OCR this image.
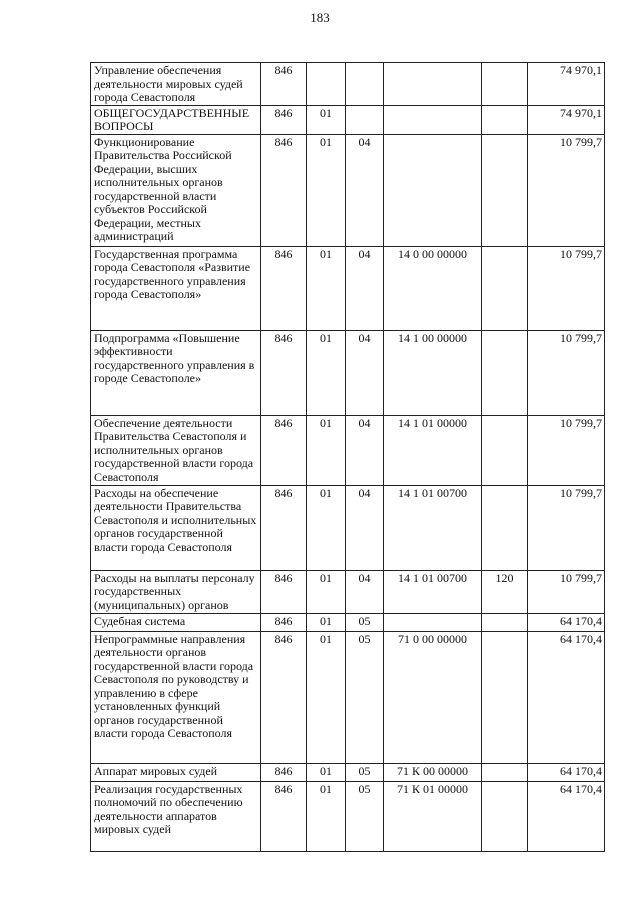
183
Управление обеспечения деятельности мировых судей города Севастополя	846					74 970,1
ОБЩЕГОСУДАРСТВЕННЫЕ ВОПРОСЫ	846	01				74 970,1
Функционирование Правительства Российской Федерации, высших исполнительных органов государственной власти субъектов Российской Федерации, местных администраций	846	01	04			10 799,7
Государственная программа города Севастополя «Развитие государственного управления города Севастополя»	846	01	04	14 0 00 00000		10 799,7
Подпрограмма «Повышение эффективности государственного управления в городе Севастополе»	846	01	04	14 1 00 00000		10 799,7
Обеспечение деятельности Правительства Севастополя и исполнительных органов государственной власти города Севастополя	846	01	04	14 1 01 00000		10 799,7
Расходы на обеспечение деятельности Правительства Севастополя и исполнительных органов государственной власти города Севастополя	846	01	04	14 1 01 00700		10 799,7
Расходы на выплаты персоналу государственных (муниципальных) органов	846	01	04	14 1 01 00700	120	10 799,7
Судебная система	846	01	05			64 170,4
Непрограммные направления деятельности органов государственной власти города Севастополя по руководству и управлению в сфере установленных функций органов государственной власти города Севастополя	846	01	05	71 0 00 00000		64 170,4
Аппарат мировых судей	846	01	05	71 К 00 00000		64 170,4
Реализация государственных полномочий по обеспечению деятельности аппаратов мировых судей	846	01	05	71 К 01 00000		64 170,4
